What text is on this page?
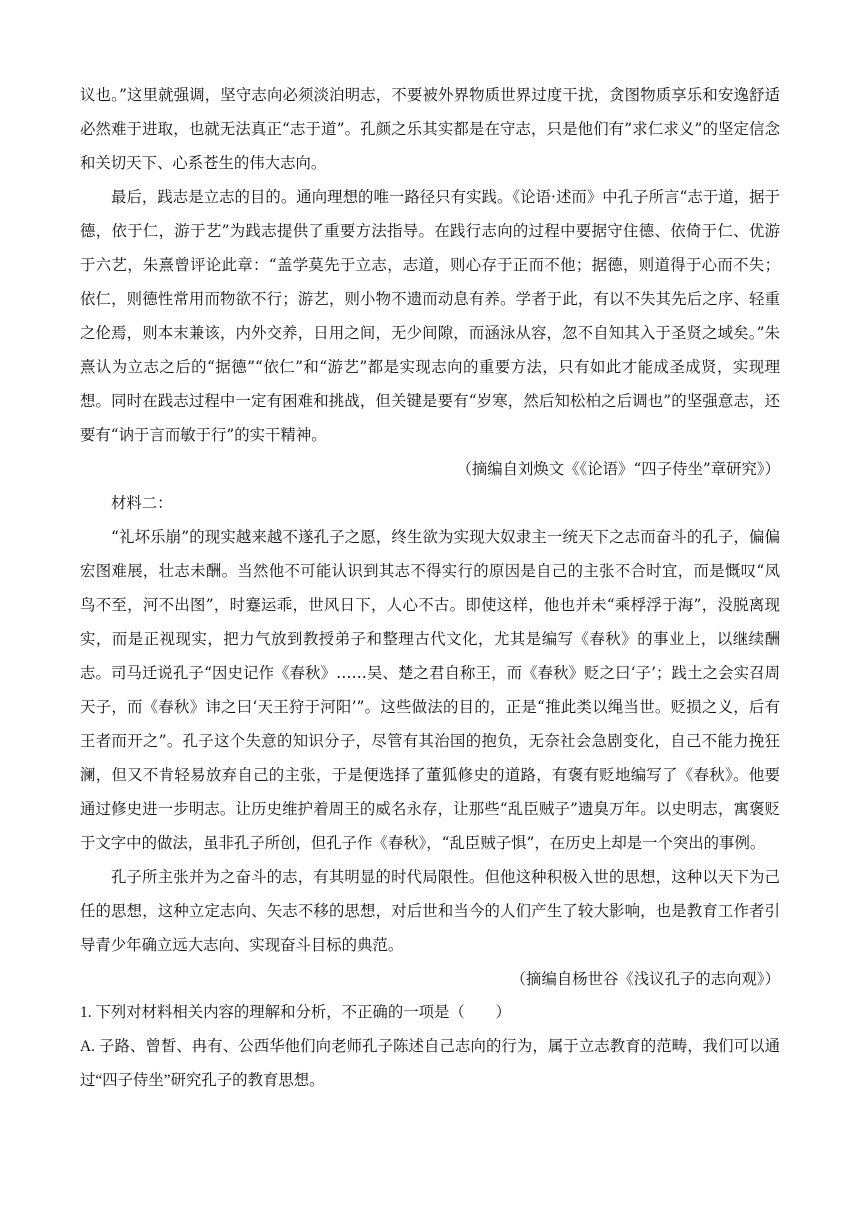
议也。”这里就强调，坚守志向必须淡泊明志，不要被外界物质世界过度干扰，贪图物质享乐和安逸舒适必然难于进取，也就无法真正“志于道”。孔颜之乐其实都是在守志，只是他们有”求仁求义”的坚定信念和关切天下、心系苍生的伟大志向。

最后，践志是立志的目的。通向理想的唯一路径只有实践。《论语·述而》中孔子所言“志于道，据于德，依于仁，游于艺”为践志提供了重要方法指导。在践行志向的过程中要据守住德、依倚于仁、优游于六艺，朱熹曾评论此章：“盖学莫先于立志，志道，则心存于正而不他；据德，则道得于心而不失；依仁，则德性常用而物欲不行；游艺，则小物不遗而动息有养。学者于此，有以不失其先后之序、轻重之伦焉，则本末兼该，内外交养，日用之间，无少间隙，而涵泳从容，忽不自知其入于圣贤之域矣。”朱熹认为立志之后的“据德”“依仁”和“游艺”都是实现志向的重要方法，只有如此才能成圣成贤，实现理想。同时在践志过程中一定有困难和挑战，但关键是要有“岁寒，然后知松柏之后调也”的坚强意志，还要有“讷于言而敏于行”的实干精神。

（摘编自刘焕文《《论语》“四子侍坐”章研究》）

材料二：

“礼坏乐崩”的现实越来越不遂孔子之愿，终生欲为实现大奴隶主一统天下之志而奋斗的孔子，偏偏宏图难展，壮志未酬。当然他不可能认识到其志不得实行的原因是自己的主张不合时宜，而是慨叹“凤鸟不至，河不出图”，时蹇运乖，世风日下，人心不古。即使这样，他也并未“乘桴浮于海”，没脱离现实，而是正视现实，把力气放到教授弟子和整理古代文化，尤其是编写《春秋》的事业上，以继续酬志。司马迁说孔子“因史记作《春秋》……吴、楚之君自称王，而《春秋》贬之曰‘子’；践土之会实召周天子，而《春秋》讳之曰‘天王狩于河阳’”。这些做法的目的，正是“推此类以绳当世。贬损之义，后有王者而开之”。孔子这个失意的知识分子，尽管有其治国的抱负，无奈社会急剧变化，自己不能力挽狂澜，但又不肯轻易放弃自己的主张，于是便选择了董狐修史的道路，有褒有贬地编写了《春秋》。他要通过修史进一步明志。让历史维护着周王的威名永存，让那些“乱臣贼子”遗臭万年。以史明志，寓褒贬于文字中的做法，虽非孔子所创，但孔子作《春秋》，“乱臣贼子惧”，在历史上却是一个突出的事例。

孔子所主张并为之奋斗的志，有其明显的时代局限性。但他这种积极入世的思想，这种以天下为己任的思想，这种立定志向、矢志不移的思想，对后世和当今的人们产生了较大影响，也是教育工作者引导青少年确立远大志向、实现奋斗目标的典范。

（摘编自杨世谷《浅议孔子的志向观》）

1. 下列对材料相关内容的理解和分析，不正确的一项是（　　）

A. 子路、曾皙、冉有、公西华他们向老师孔子陈述自己志向的行为，属于立志教育的范畴，我们可以通过“四子侍坐”研究孔子的教育思想。
